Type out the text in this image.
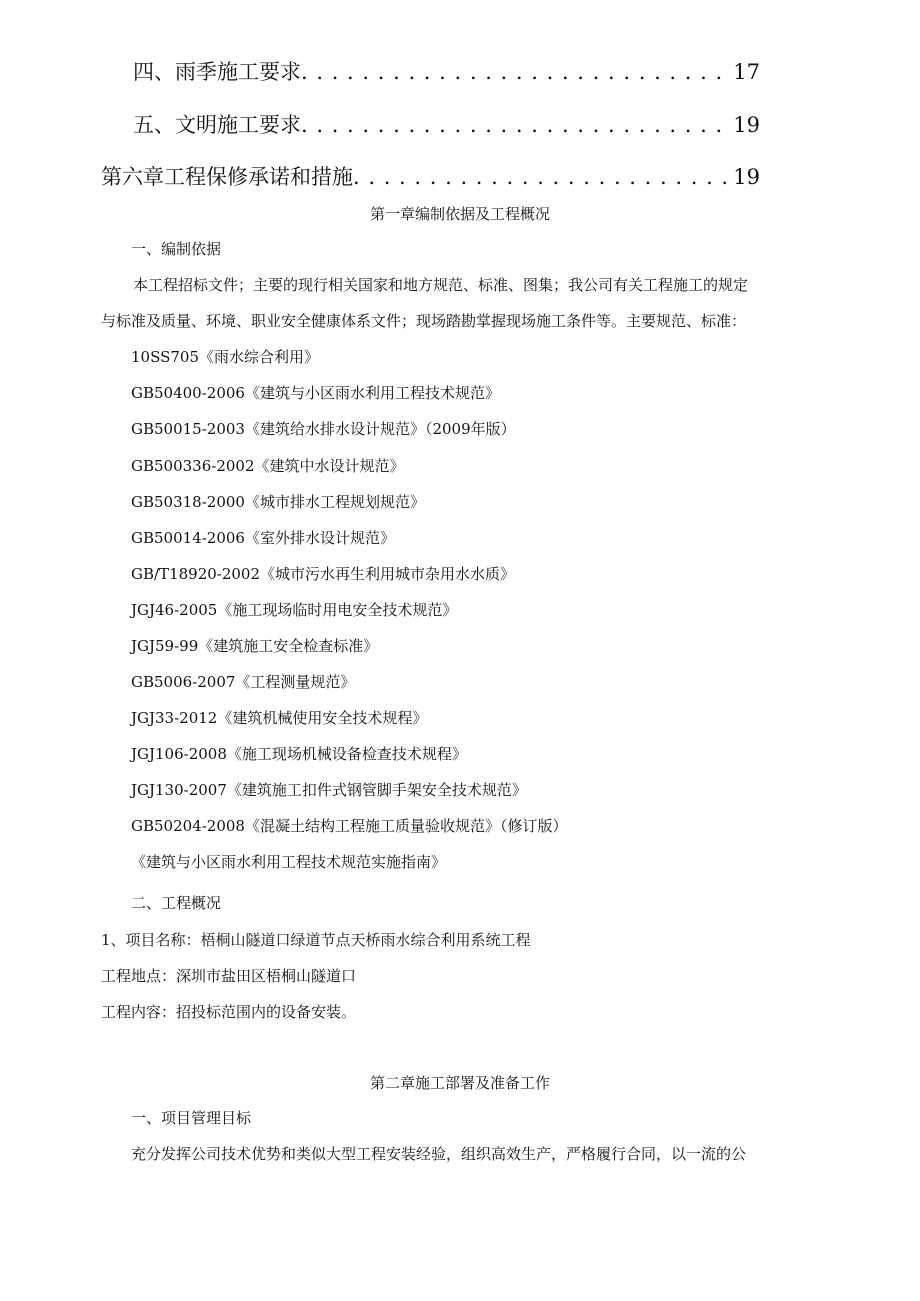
四、雨季施工要求 . . .	17
五、文明施工要求 . . .	19
第六章工程保修承诺和措施 . . .	19
第一章编制依据及工程概况
一、编制依据
本工程招标文件；主要的现行相关国家和地方规范、标准、图集；我公司有关工程施工的规定
与标准及质量、环境、职业安全健康体系文件；现场踏勘掌握现场施工条件等。主要规范、标准：
10SS705《雨水综合利用》
GB50400-2006《建筑与小区雨水利用工程技术规范》
GB50015-2003《建筑给水排水设计规范》（2009年版）
GB500336-2002《建筑中水设计规范》
GB50318-2000《城市排水工程规划规范》
GB50014-2006《室外排水设计规范》
GB/T18920-2002《城市污水再生利用城市杂用水水质》
JGJ46-2005《施工现场临时用电安全技术规范》
JGJ59-99《建筑施工安全检查标准》
GB5006-2007《工程测量规范》
JGJ33-2012《建筑机械使用安全技术规程》
JGJ106-2008《施工现场机械设备检查技术规程》
JGJ130-2007《建筑施工扣件式钢管脚手架安全技术规范》
GB50204-2008《混凝土结构工程施工质量验收规范》（修订版）
《建筑与小区雨水利用工程技术规范实施指南》
二、工程概况
1、项目名称：梧桐山隧道口绿道节点天桥雨水综合利用系统工程
工程地点：深圳市盐田区梧桐山隧道口
工程内容：招投标范围内的设备安装。
第二章施工部署及准备工作
一、项目管理目标
充分发挥公司技术优势和类似大型工程安装经验，组织高效生产，严格履行合同，以一流的公
